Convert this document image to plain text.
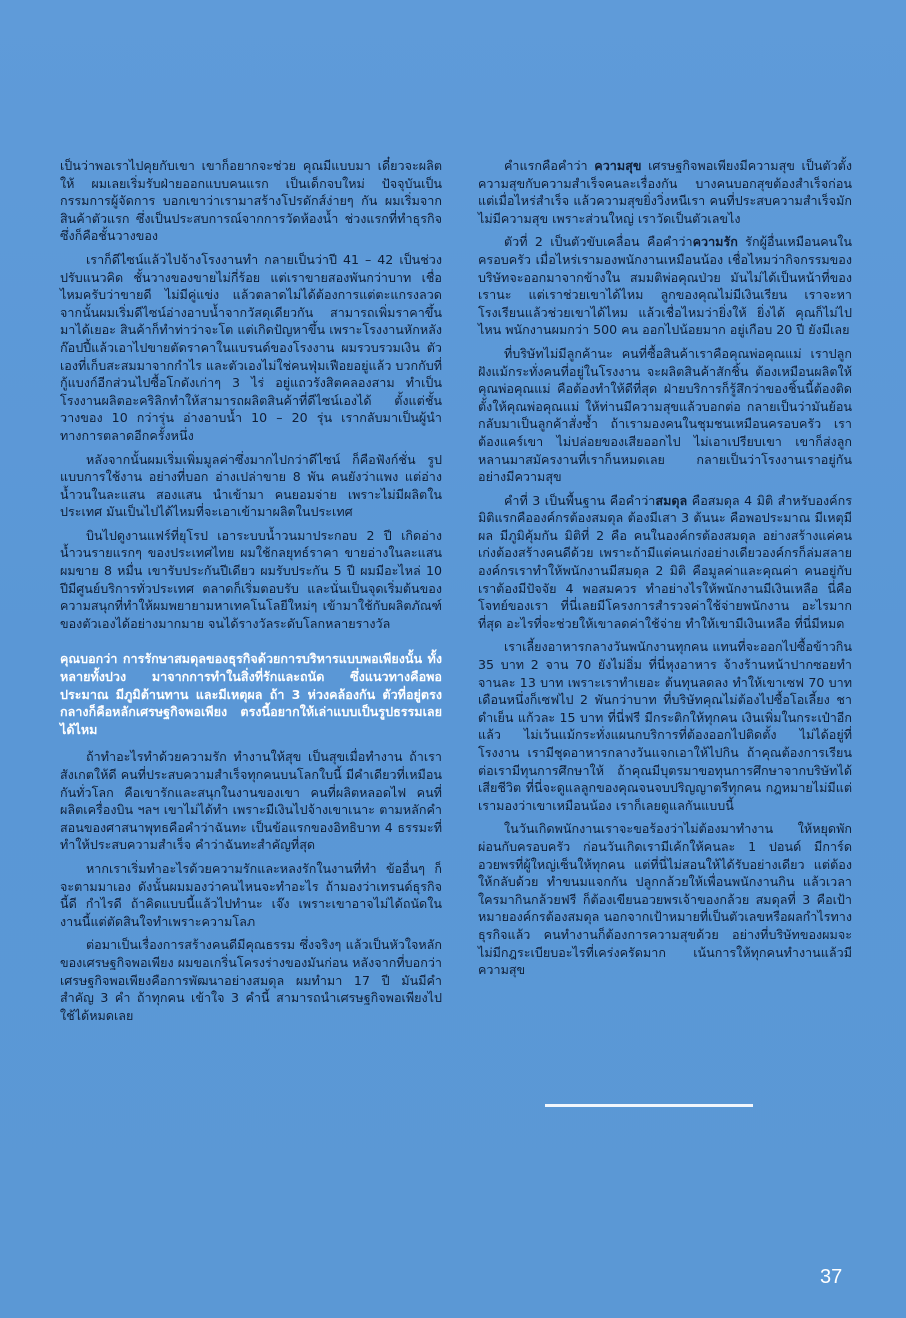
เป็นว่าพอเราไปคุยกับเขา เขาก็อยากจะช่วย คุณมีแบบมา เดี๋ยวจะผลิตให้ ผมเลยเริ่มรับฝ่ายออกแบบคนแรก เป็นเด็กจบใหม่ ปัจจุบันเป็นกรรมการผู้จัดการ บอกเขาว่าเรามาสร้างโปรดักส์ง่ายๆ กัน ผมเริ่มจากสินค้าตัวแรก ซึ่งเป็นประสบการณ์จากการวัดห้องน้ำ ช่วงแรกที่ทำธุรกิจซึ่งก็คือชั้นวางของ

เราก็ดีไซน์แล้วไปจ้างโรงงานทำ กลายเป็นว่าปี 41 – 42 เป็นช่วงปรับแนวคิด ชั้นวางของขายไม่กี่ร้อย แต่เราขายสองพันกว่าบาท เชื่อไหมครับว่าขายดี ไม่มีคู่แข่ง แล้วตลาดไม่ได้ต้องการแต่ตะแกรงลวด จากนั้นผมเริ่มดีไซน์อ่างอาบน้ำจากวัสดุเดียวกัน สามารถเพิ่มราคาขึ้นมาได้เยอะ สินค้าก็ทำท่าว่าจะโต แต่เกิดปัญหาขึ้น เพราะโรงงานหักหลัง ก๊อปปี้แล้วเอาไปขายตัดราคาในแบรนด์ของโรงงาน ผมรวบรวมเงิน ตัวเองที่เก็บสะสมมาจากกำไร และตัวเองไม่ใช่คนฟุ่มเฟือยอยู่แล้ว บวกกับที่กู้แบงก์อีกส่วนไปซื้อโกดังเก่าๆ 3 ไร่ อยู่แถวรังสิตคลองสาม ทำเป็นโรงงานผลิตอะคริลิกทำให้สามารถผลิตสินค้าที่ดีไซน์เองได้ ตั้งแต่ชั้นวางของ 10 กว่ารุ่น อ่างอาบน้ำ 10 – 20 รุ่น เรากลับมาเป็นผู้นำทางการตลาดอีกครั้งหนึ่ง

หลังจากนั้นผมเริ่มเพิ่มมูลค่าซึ่งมากไปกว่าดีไซน์ ก็คือฟังก์ชั่น รูปแบบการใช้งาน อย่างที่บอก อ่างเปล่าขาย 8 พัน คนยังว่าแพง แต่อ่างน้ำวนในละแสน สองแสน นำเข้ามา คนยอมจ่าย เพราะไม่มีผลิตในประเทศ มันเป็นไปได้ไหมที่จะเอาเข้ามาผลิตในประเทศ

บินไปดูงานแฟร์ที่ยุโรป เอาระบบน้ำวนมาประกอบ 2 ปี เกิดอ่างน้ำวนรายแรกๆ ของประเทศไทย ผมใช้กลยุทธ์ราคา ขายอ่างในละแสนผมขาย 8 หมื่น เขารับประกันปีเดียว ผมรับประกัน 5 ปี ผมมีอะไหล่ 10 ปีมีศูนย์บริการทั่วประเทศ ตลาดก็เริ่มตอบรับ และนั่นเป็นจุดเริ่มต้นของความสนุกที่ทำให้ผมพยายามหาเทคโนโลยีใหม่ๆ เข้ามาใช้กับผลิตภัณฑ์ของตัวเองได้อย่างมากมาย จนได้รางวัลระดับโลกหลายรางวัล

คุณบอกว่า การรักษาสมดุลของธุรกิจด้วยการบริหารแบบพอเพียงนั้น ทั้งหลายทั้งปวง มาจากการทำในสิ่งที่รักและถนัด ซึ่งแนวทางคือพอประมาณ มีภูมิต้านทาน และมีเหตุผล ถ้า 3 ห่วงคล้องกัน ตัวที่อยู่ตรงกลางก็คือหลักเศรษฐกิจพอเพียง ตรงนี้อยากให้เล่าแบบเป็นรูปธรรมเลยได้ไหม

ถ้าทำอะไรทำด้วยความรัก ทำงานให้สุข เป็นสุขเมื่อทำงาน ถ้าเราสังเกตให้ดี คนที่ประสบความสำเร็จทุกคนบนโลกใบนี้ มีคำเดียวที่เหมือนกันทั่วโลก คือเขารักและสนุกในงานของเขา คนที่ผลิตหลอดไฟ คนที่ผลิตเครื่องบิน ฯลฯ เขาไม่ได้ทำ เพราะมีเงินไปจ้างเขาเนาะ ตามหลักคำสอนของศาสนาพุทธคือคำว่าฉันทะ เป็นข้อแรกของอิทธิบาท 4 ธรรมะที่ทำให้ประสบความสำเร็จ คำว่าฉันทะสำคัญที่สุด

หากเราเริ่มทำอะไรด้วยความรักและหลงรักในงานที่ทำ ข้ออื่นๆ ก็จะตามมาเอง ดังนั้นผมมองว่าคนไหนจะทำอะไร ถ้ามองว่าเทรนด์ธุรกิจนี้ดี กำไรดี ถ้าคิดแบบนี้แล้วไปทำนะ เจ๊ง เพราะเขาอาจไม่ได้ถนัดในงานนี้แต่ตัดสินใจทำเพราะความโลภ

ต่อมาเป็นเรื่องการสร้างคนดีมีคุณธรรม ซึ่งจริงๆ แล้วเป็นหัวใจหลักของเศรษฐกิจพอเพียง ผมขอเกริ่นโครงร่างของมันก่อน หลังจากที่บอกว่าเศรษฐกิจพอเพียงคือการพัฒนาอย่างสมดุล ผมทำมา 17 ปี มันมีคำสำคัญ 3 คำ ถ้าทุกคน เข้าใจ 3 คำนี้ สามารถนำเศรษฐกิจพอเพียงไปใช้ได้หมดเลย

คำแรกคือคำว่า ความสุข เศรษฐกิจพอเพียงมีความสุข เป็นตัวตั้ง ความสุขกับความสำเร็จคนละเรื่องกัน บางคนบอกสุขต้องสำเร็จก่อน แต่เมื่อไหร่สำเร็จ แล้วความสุขยิ่งวิ่งหนีเรา คนที่ประสบความสำเร็จมักไม่มีความสุข เพราะส่วนใหญ่ เราวัดเป็นตัวเลขไง

ตัวที่ 2 เป็นตัวขับเคลื่อน คือคำว่าความรัก รักผู้อื่นเหมือนคนในครอบครัว เมื่อไหร่เรามองพนักงานเหมือนน้อง เชื่อไหมว่ากิจกรรมของบริษัทจะออกมาจากข้างใน สมมติพ่อคุณป่วย มันไม่ได้เป็นหน้าที่ของเรานะ แต่เราช่วยเขาได้ไหม ลูกของคุณไม่มีเงินเรียน เราจะหาโรงเรียนแล้วช่วยเขาได้ไหม แล้วเชื่อไหมว่ายิ่งให้ ยิ่งได้ คุณก็ไม่ไปไหน พนักงานผมกว่า 500 คน ออกไปน้อยมาก อยู่เกือบ 20 ปี ยังมีเลย

ที่บริษัทไม่มีลูกค้านะ คนที่ซื้อสินค้าเราคือคุณพ่อคุณแม่ เราปลูกฝังแม้กระทั่งคนที่อยู่ในโรงงาน จะผลิตสินค้าสักชิ้น ต้องเหมือนผลิตให้คุณพ่อคุณแม่ คือต้องทำให้ดีที่สุด ฝ่ายบริการก็รู้สึกว่าของชิ้นนี้ต้องติดตั้งให้คุณพ่อคุณแม่ ให้ท่านมีความสุขแล้วบอกต่อ กลายเป็นว่ามันย้อนกลับมาเป็นลูกค้าสั่งซ้ำ ถ้าเรามองคนในชุมชนเหมือนครอบครัว เราต้องแคร์เขา ไม่ปล่อยของเสียออกไป ไม่เอาเปรียบเขา เขาก็ส่งลูกหลานมาสมัครงานที่เราก็นหมดเลย กลายเป็นว่าโรงงานเราอยู่กันอย่างมีความสุข

คำที่ 3 เป็นพื้นฐาน คือคำว่าสมดุล คือสมดุล 4 มิติ สำหรับองค์กร มิติแรกคือองค์กรต้องสมดุล ต้องมีเสา 3 ต้นนะ คือพอประมาณ มีเหตุมีผล มีภูมิคุ้มกัน มิติที่ 2 คือ คนในองค์กรต้องสมดุล อย่างสร้างแค่คนเก่งต้องสร้างคนดีด้วย เพราะถ้ามีแต่คนเก่งอย่างเดียวองค์กรก็ล่มสลาย องค์กรเราทำให้พนักงานมีสมดุล 2 มิติ คือมูลค่าและคุณค่า คนอยู่กับเราต้องมีปัจจัย 4 พอสมควร ทำอย่างไรให้พนักงานมีเงินเหลือ นี่คือโจทย์ของเรา ที่นี่เลยมีโครงการสำรวจค่าใช้จ่ายพนักงาน อะไรมากที่สุด อะไรที่จะช่วยให้เขาลดค่าใช้จ่าย ทำให้เขามีเงินเหลือ ที่นี่มีหมด

เราเลี้ยงอาหารกลางวันพนักงานทุกคน แทนที่จะออกไปซื้อข้าวกิน 35 บาท 2 จาน 70 ยังไม่อิ่ม ที่นี่หุงอาหาร จ้างร้านหน้าปากซอยทำ จานละ 13 บาท เพราะเราทำเยอะ ต้นทุนลดลง ทำให้เขาเซฟ 70 บาท เดือนหนึ่งก็เซฟไป 2 พันกว่าบาท ที่บริษัทคุณไม่ต้องไปซื้อโอเลี้ยง ชาดำเย็น แก้วละ 15 บาท ที่นี่ฟรี มีกระติกให้ทุกคน เงินเพิ่มในกระเป๋าอีกแล้ว ไม่เว้นแม้กระทั่งแผนกบริการที่ต้องออกไปติดตั้ง ไม่ได้อยู่ที่โรงงาน เรามีชุดอาหารกลางวันแจกเอาให้ไปกิน ถ้าคุณต้องการเรียนต่อเรามีทุนการศึกษาให้ ถ้าคุณมีบุตรมาขอทุนการศึกษาจากบริษัทได้ เสียชีวิต ที่นี่จะดูแลลูกของคุณจนจบปริญญาตรีทุกคน กฎหมายไม่มีแต่เรามองว่าเขาเหมือนน้อง เราก็เลยดูแลกันแบบนี้

ในวันเกิดพนักงานเราจะขอร้องว่าไม่ต้องมาทำงาน ให้หยุดพักผ่อนกับครอบครัว ก่อนวันเกิดเรามีเค้กให้คนละ 1 ปอนด์ มีการ์ดอวยพรที่ผู้ใหญ่เซ็นให้ทุกคน แต่ที่นี่ไม่สอนให้ได้รับอย่างเดียว แต่ต้องให้กลับด้วย ทำขนมแจกกัน ปลูกกล้วยให้เพื่อนพนักงานกิน แล้วเวลาใครมากินกล้วยฟรี ก็ต้องเขียนอวยพรเจ้าของกล้วย สมดุลที่ 3 คือเป้าหมายองค์กรต้องสมดุล นอกจากเป้าหมายที่เป็นตัวเลขหรือผลกำไรทางธุรกิจแล้ว คนทำงานก็ต้องการความสุขด้วย อย่างที่บริษัทของผมจะไม่มีกฎระเบียบอะไรที่เคร่งครัดมาก เน้นการให้ทุกคนทำงานแล้วมีความสุข

37
